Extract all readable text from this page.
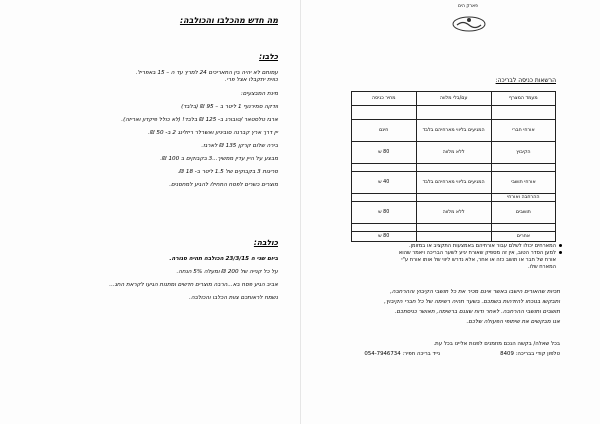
מה חדש מהכלבו והכולבה:
כלבו:
עמותם לא יהיה בין התאריכים 24 למרץ עד ה – 15 באפריל.
כווית יתקבלו אצל פרי.
מינת המבצעים:
וודקה סמירנוף 1 ליטר ב – 95 ₪ (בלבד)
ארגז טלסטאר /טובורג ב- 125 ₪ בלבד! (לא כולל פיקדון ואריזה).
יין דרך ארץ קברנה סוביניון ואשרלר ריזלינג 2 ב- 50 ₪.
בירה שלום קרקן 135 ₪ לארגז.
מבצע על היין עדין ממשיך...3 בקבוקים ב 100 ₪.
סריגות 3 בקבוקים של 1.5 ליטר ב- 18 ₪.
מוצרים כשרים לפסח התחילו להגיע למחסנים.
כולבה:
ביום שני ה 23/3/15 הכולבה תהיה סגורה.
על כל קנייה של 200 ₪ ומעלה 5% הנחה.
אביב הגיע פסח בא...הרבה מוצרים חדשים ומתנות הגיעו לקראת החג...
נשמח לראותכם צוות הכלבו והכולבה.
פארק הים
הרשאות כניסה לבריכה:
מעמד המצרף	עם/בלי מלווה	מחיר כניסה

אורחי חברי	המגיעים בליווי מארחיהם בלבד	חינם
הקיבוץ	ללא מלווה	80 ש

אורחי תושבי	המגיעים בליווי מארחיהם בלבד	40 ש
ההרחבה ואורחי		
תושבים	ללא מלווה	80 ש

אחרים		80 ש
המארחים יכולו לשלם עבור אורחיהם באמצעות התקציב או במזומן.
למען הסדר הטוב, אין זה מספיק שאורח יגיע לשער הבריכה ויאמר שהוא
אורח של חבר או תושב כזה או אחר, אלא נדרש ליווי של אותו אורח ע"י
המארח שלו.
תכיות שהאורים הישבו באשר אינם מכיר את כל תושבי הקיבוץ וההרחבה,
ותבקשו בנוכחו להזדהות בשמכם. בשער תהיה רשימה של כל חברי הקיבוץ,
תושבים ותושבי ההרחבה. לאחר ודוח שצנם ברשימה, תאושר כניסתכם.
אנו מבקשים את שיתופי הפעולה שלכם.
בכל שאלה/ בקשה הנכם מוזמנים לפנות אליינו בכל עת.
טלפון קודי בבריכה: 8409
נייד בריכה חפיר: 054-7946734
